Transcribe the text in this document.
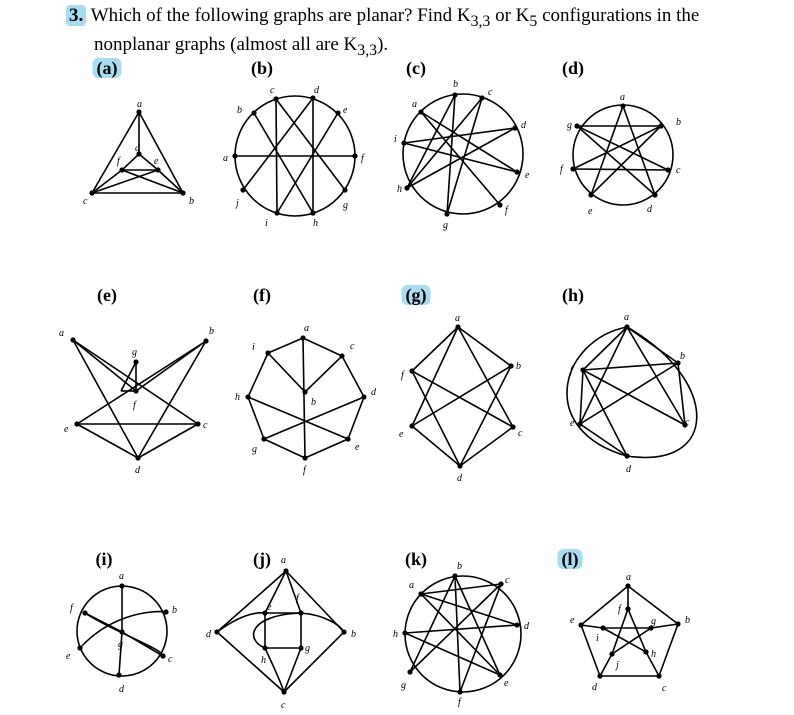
3. Which of the following graphs are planar? Find $K_{3,3}$ or $K_5$ configurations in the
nonplanar graphs (almost all are $K_{3,3}$).
(a)	(b)	(c)	(d)
(e)	(f)	(g)	(h)
(i)	(j)	(k)	(l)
a
b
c
d
e
f	a
b
c	d
e
f
g
h
i
j
a
b
c
d
e
f
g
h
i
a
b
c
d
e
f
g
a	b
c
d
e
f
g
a
b
c
d
e
f
g
h
i
a
b
c
d
e
f
a
b
c
d
e
f
a
b
c
d
e
f
g
a
b
c
d
e
f
g
h
a
b
c
d
e
f
g
h
a
b
c
d
e
f
g
h
i
j
